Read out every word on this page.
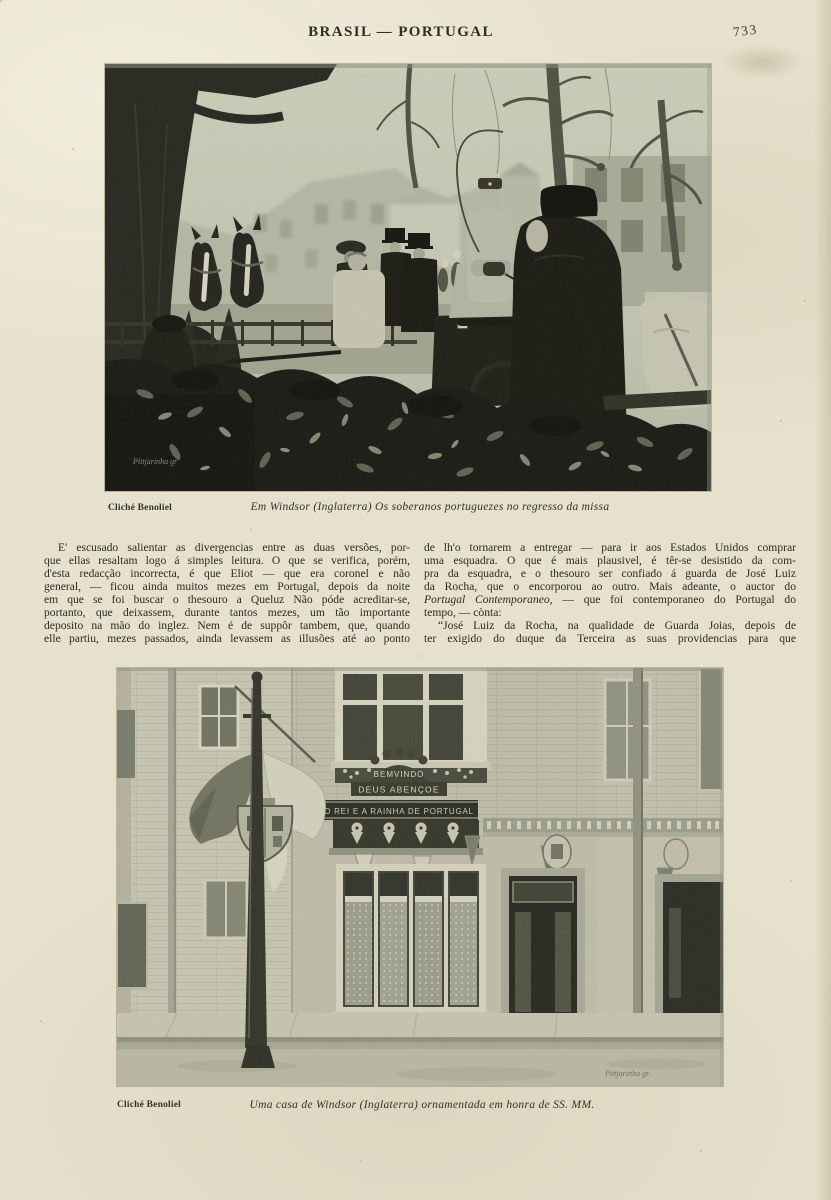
BRASIL — PORTUGAL	733
Cliché Benoliel	Em Windsor (Inglaterra) Os soberanos portuguezes no regresso da missa
E' escusado salientar as divergencias entre as duas versões, por-
que ellas resaltam logo á simples leitura. O que se verifica, porém,
d'esta redacção incorrecta, é que Eliot — que era coronel e não
general, — ficou ainda muitos mezes em Portugal, depois da noite
em que se foi buscar o thesouro a Queluz Não póde acreditar-se,
portanto, que deixassem, durante tantos mezes, um tão importante
deposito na mão do inglez. Nem é de suppôr tambem, que, quando
elle partiu, mezes passados, ainda levassem as illusões até ao ponto
de lh'o tornarem a entregar — para ir aos Estados Unidos comprar
uma esquadra. O que é mais plausivel, é têr-se desistido da com-
pra da esquadra, e o thesouro ser confiado á guarda de José Luiz
da Rocha, que o encorporou ao outro. Mais adeante, o auctor do
Portugal Contemporaneo, — que foi contemporaneo do Portugal do
tempo, — cònta:
“José Luiz da Rocha, na qualidade de Guarda Joias, depois de
ter exigido do duque da Terceira as suas providencias para que
Cliché Benoliel	Uma casa de Windsor (Inglaterra) ornamentada em honra de SS. MM.
